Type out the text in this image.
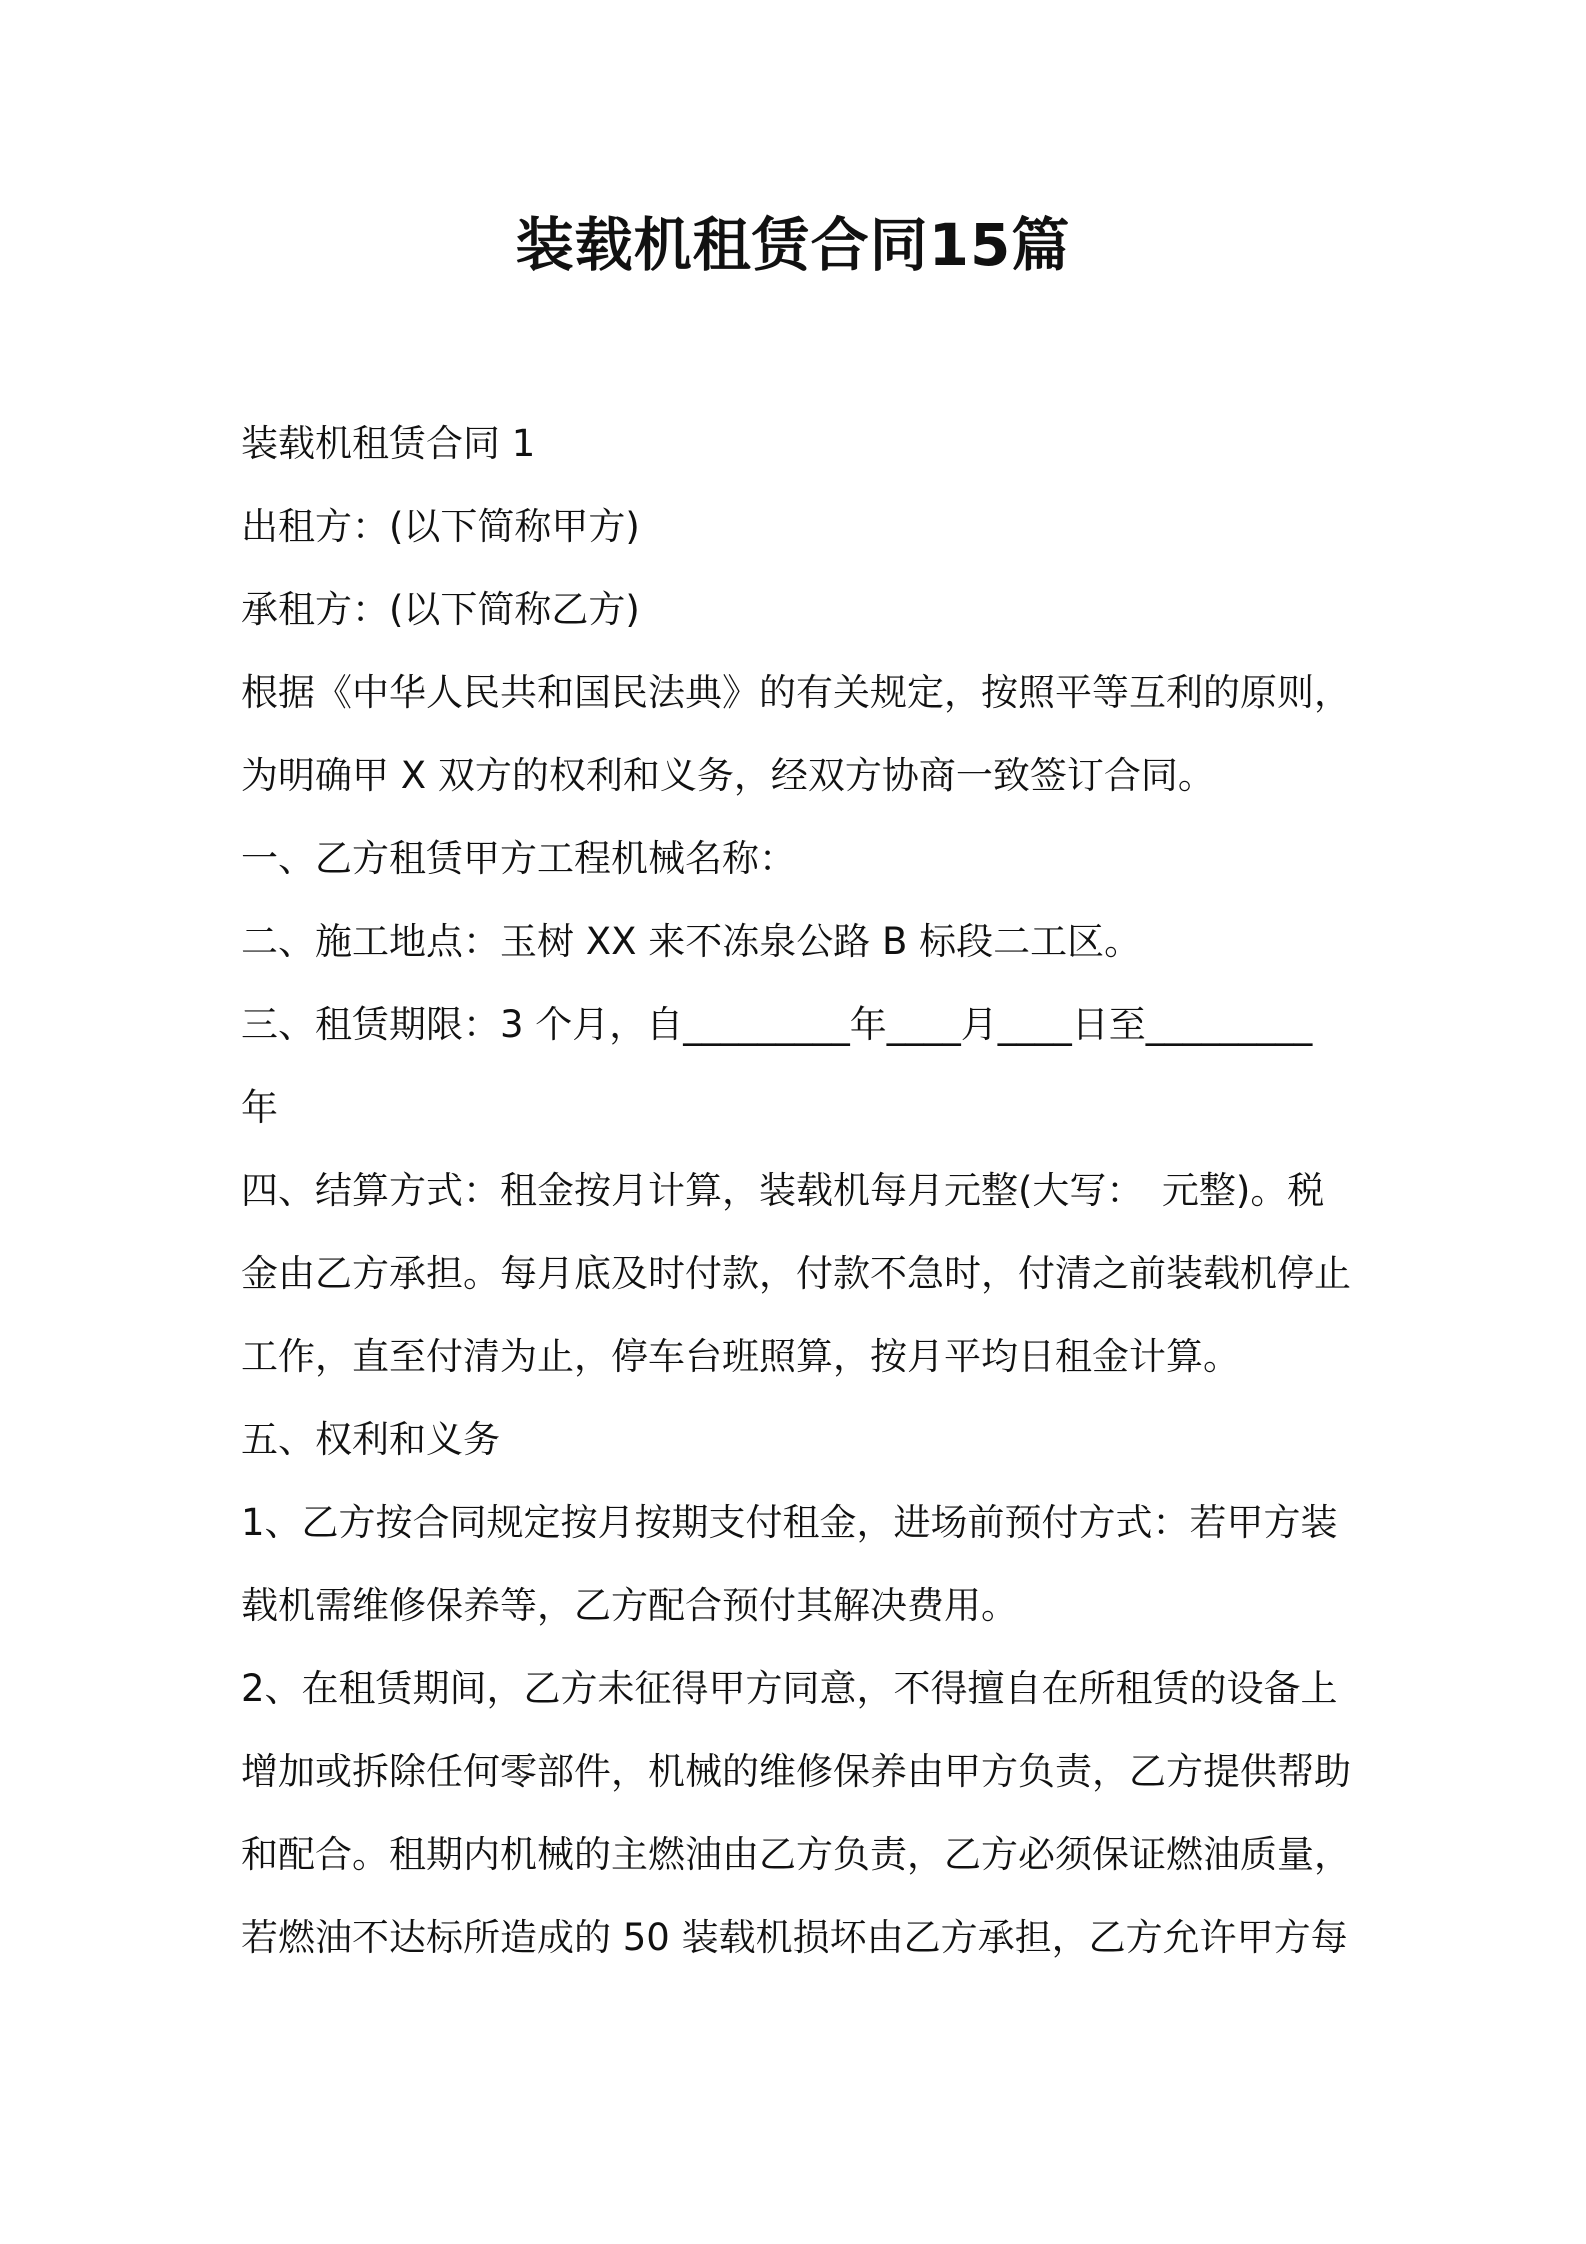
装载机租赁合同15篇

装载机租赁合同 1

出租方：(以下简称甲方)

承租方：(以下简称乙方)

根据《中华人民共和国民法典》的有关规定，按照平等互利的原则，

为明确甲 X 双方的权利和义务，经双方协商一致签订合同。

一、乙方租赁甲方工程机械名称：

二、施工地点：玉树 XX 来不冻泉公路 B 标段二工区。

三、租赁期限：3 个月，自_________年____月____日至_________

年

四、结算方式：租金按月计算，装载机每月元整(大写：　元整)。税

金由乙方承担。每月底及时付款，付款不急时，付清之前装载机停止

工作，直至付清为止，停车台班照算，按月平均日租金计算。

五、权利和义务

1、乙方按合同规定按月按期支付租金，进场前预付方式：若甲方装

载机需维修保养等，乙方配合预付其解决费用。

2、在租赁期间，乙方未征得甲方同意，不得擅自在所租赁的设备上

增加或拆除任何零部件，机械的维修保养由甲方负责，乙方提供帮助

和配合。租期内机械的主燃油由乙方负责，乙方必须保证燃油质量，

若燃油不达标所造成的 50 装载机损坏由乙方承担，乙方允许甲方每
